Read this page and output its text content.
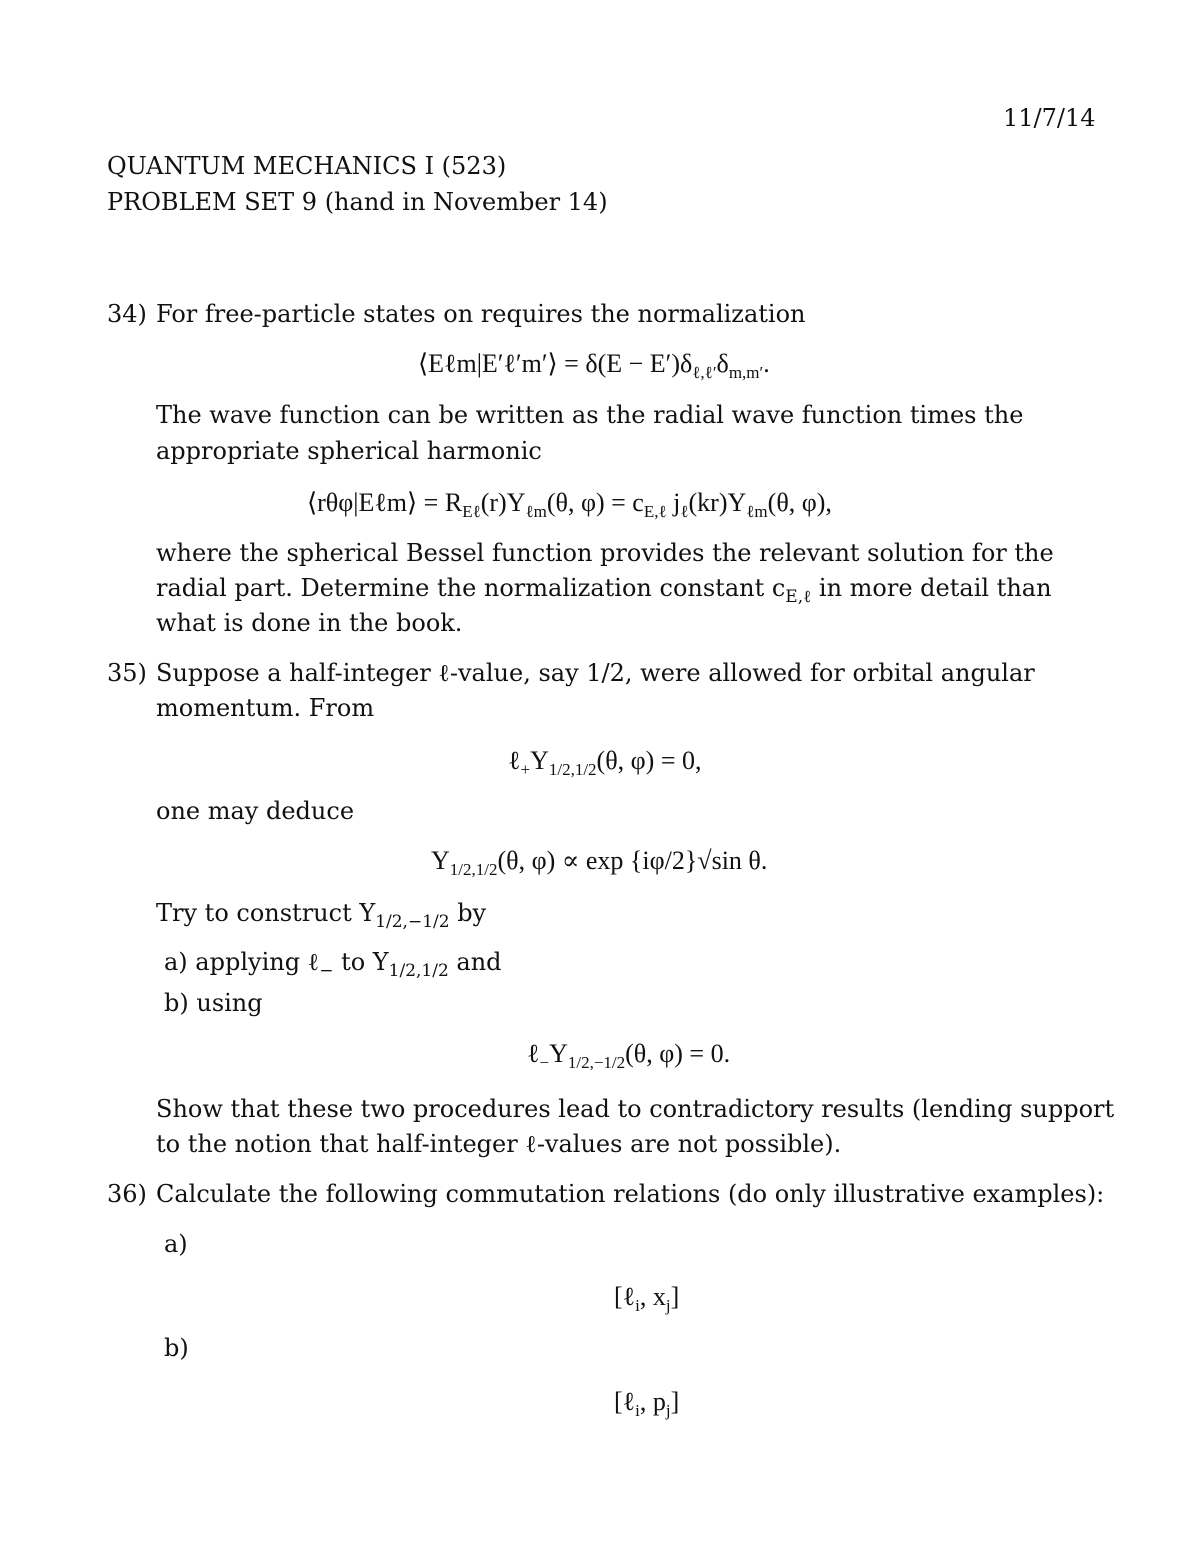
11/7/14
QUANTUM MECHANICS I (523)
PROBLEM SET 9 (hand in November 14)
34) For free-particle states on requires the normalization
⟨Eℓm|E′ℓ′m′⟩ = $\delta(E - E')\delta_{\ell,\ell'}\delta_{m,m'}$.
The wave function can be written as the radial wave function times the
appropriate spherical harmonic
⟨rθφ|Eℓm⟩ = $R_{E\ell}(r)Y_{\ell m}(\theta$, $\varphi) = c_{E,\ell}$ $j_\ell(kr)Y_{\ell m}(\theta$, φ),
where the spherical Bessel function provides the relevant solution for the
radial part. Determine the normalization constant $c_{E,\ell}$ in more detail than
what is done in the book.
35) Suppose a half-integer ℓ-value, say 1/2, were allowed for orbital angular
momentum. From
$\ell_+Y_{1/2,1/2}(\theta$, φ) = 0,
one may deduce
$Y_{1/2,1/2}(\theta$, φ) ∝ exp {iφ/2}√sin θ.
Try to construct $Y_{1/2,-1/2}$ by
a) applying ℓ$_-$ to $Y_{1/2,1/2}$ and
b) using
$\ell_-Y_{1/2,-1/2}(\theta$, φ) = 0.
Show that these two procedures lead to contradictory results (lending support
to the notion that half-integer ℓ-values are not possible).
36) Calculate the following commutation relations (do only illustrative examples):
a)
[ℓ$_i$, $x_j$]
b)
[ℓ$_i$, $p_j$]
